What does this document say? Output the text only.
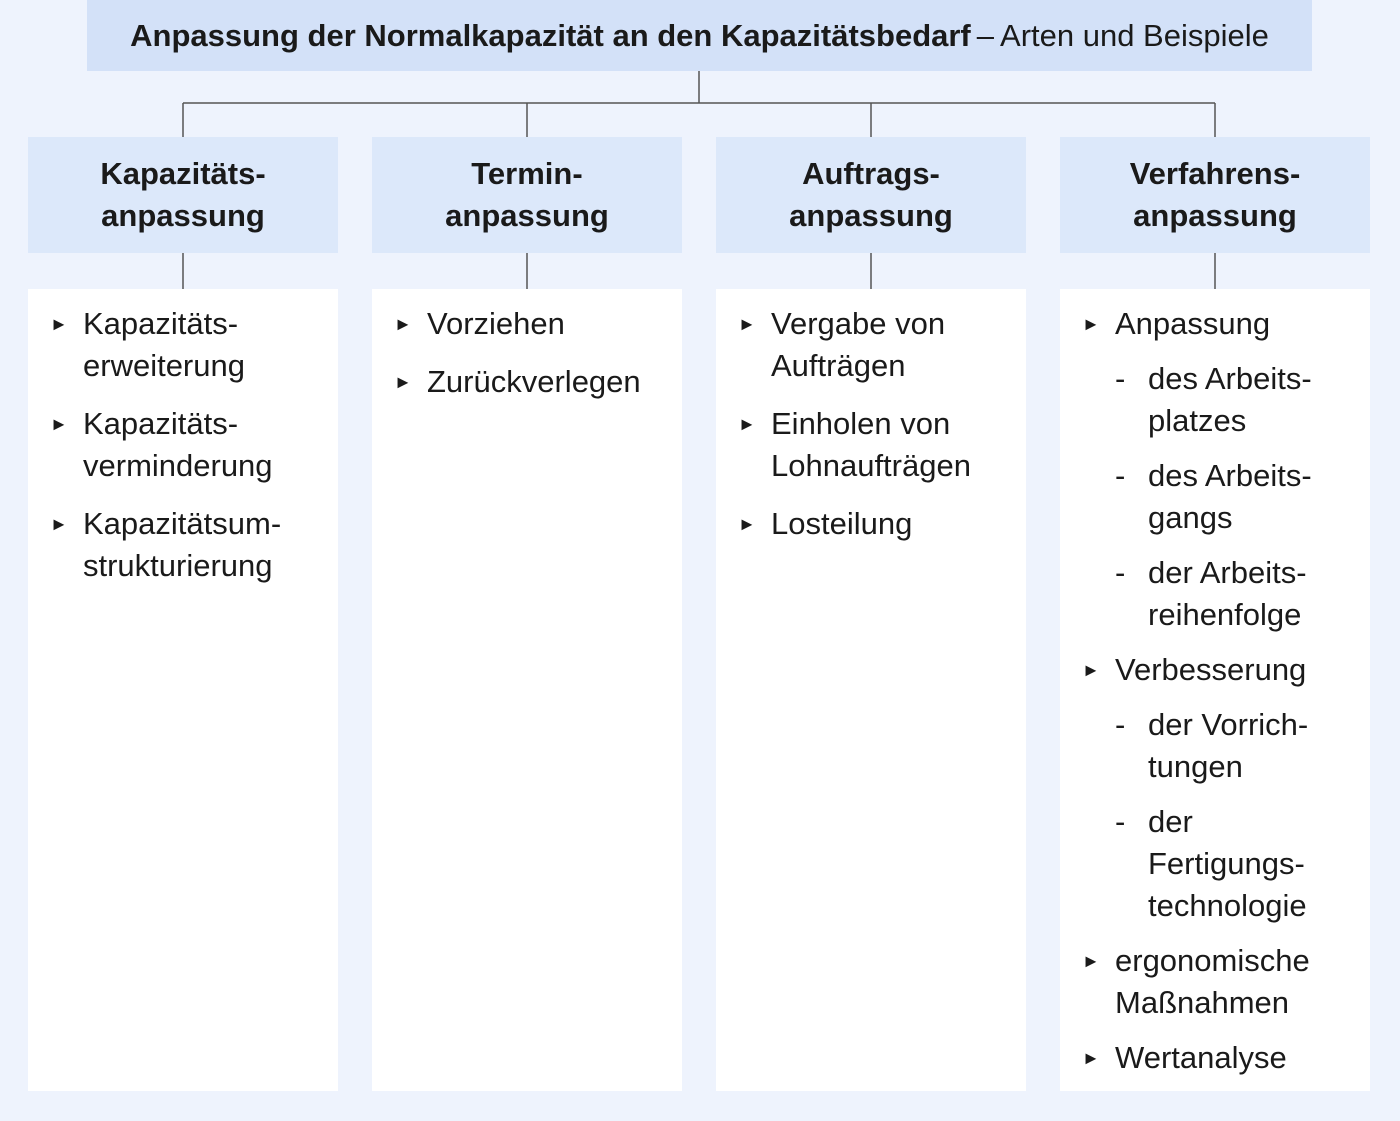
Anpassung der Normalkapazität an den Kapazitätsbedarf – Arten und Beispiele
Kapazitäts-
anpassung
Termin-
anpassung
Auftrags-
anpassung
Verfahrens-
anpassung
► Kapazitäts-
erweiterung
► Kapazitäts-
verminderung
► Kapazitätsum-
strukturierung
► Vorziehen
► Zurückverlegen
► Vergabe von
Aufträgen
► Einholen von
Lohnaufträgen
► Losteilung
► Anpassung
- des Arbeits-
platzes
- des Arbeits-
gangs
- der Arbeits-
reihenfolge
► Verbesserung
- der Vorrich-
tungen
- der
Fertigungs-
technologie
► ergonomische
Maßnahmen
► Wertanalyse
